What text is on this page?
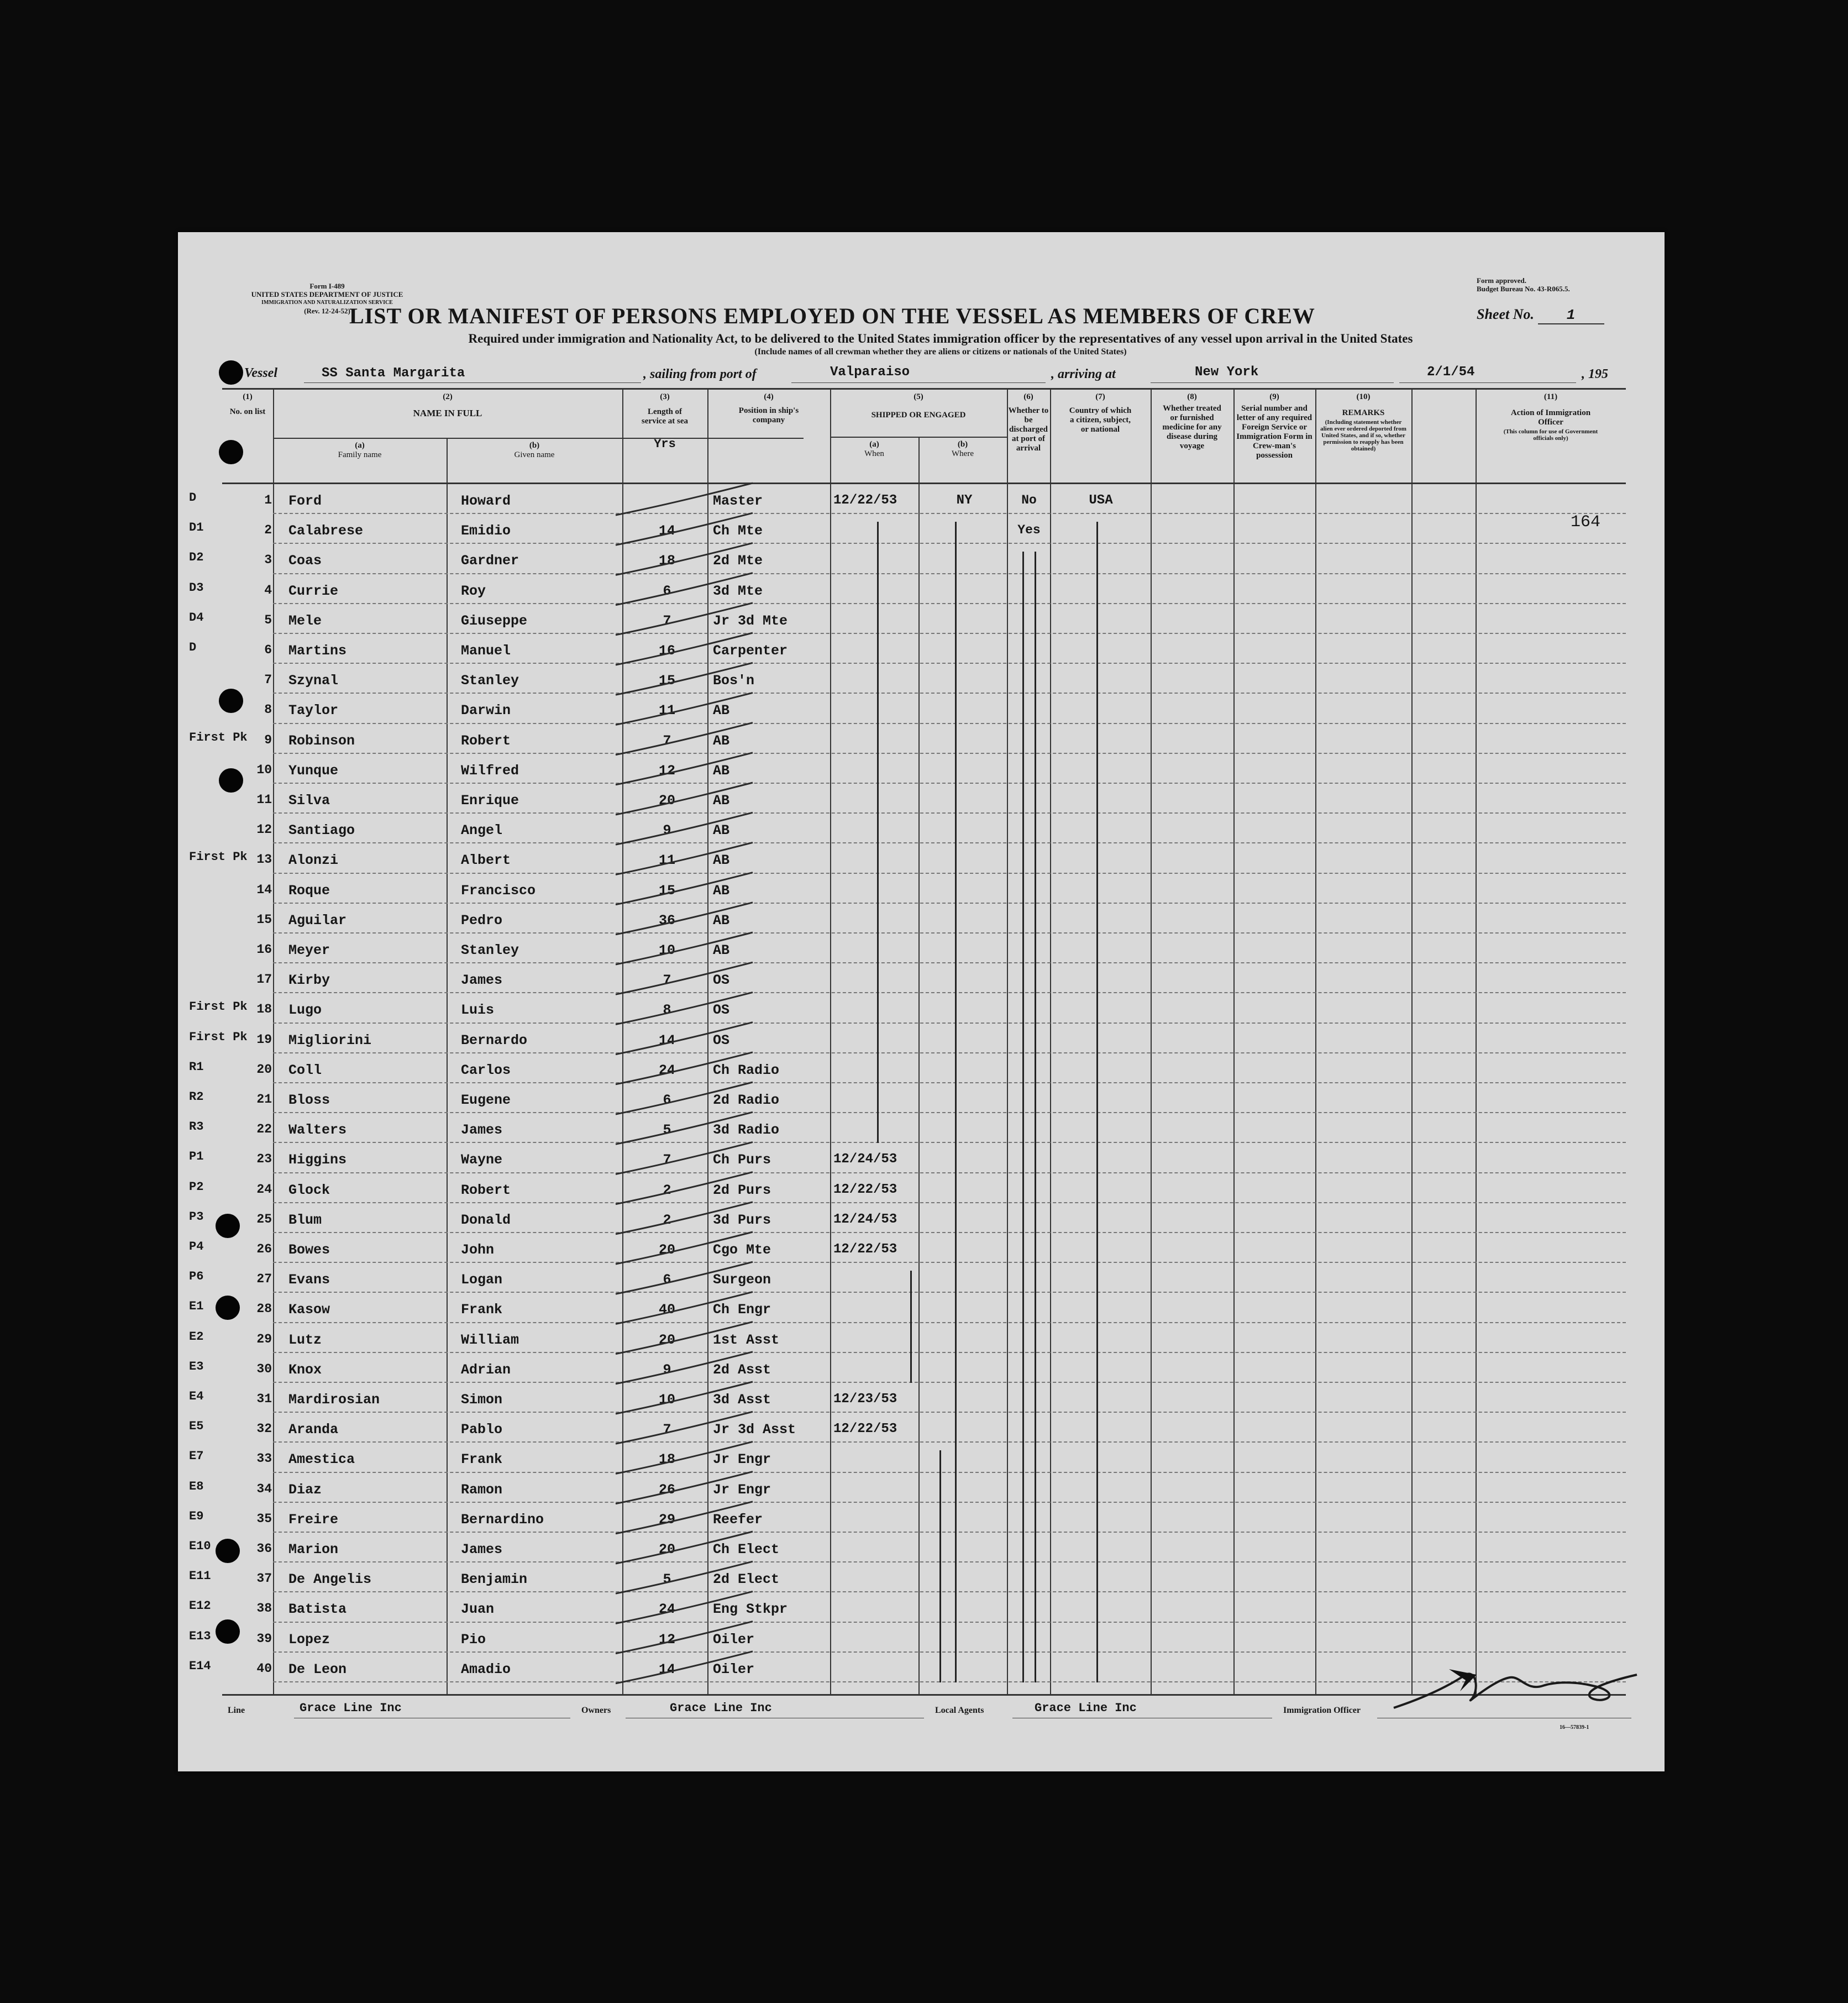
Form I-489
UNITED STATES DEPARTMENT OF JUSTICE
IMMIGRATION AND NATURALIZATION SERVICE
(Rev. 12-24-52)
Form approved.
Budget Bureau No. 43-R065.5.
LIST OR MANIFEST OF PERSONS EMPLOYED ON THE VESSEL AS MEMBERS OF CREW	Sheet No. 1
Required under immigration and Nationality Act, to be delivered to the United States immigration officer by the representatives of any vessel upon arrival in the United States
(Include names of all crewman whether they are aliens or citizens or nationals of the United States)
Vessel	SS Santa Margarita	, sailing from port of	Valparaiso	, arriving at	New York	2/1/54	, 195
(1)
No. on list
(2)
NAME IN FULL
(a)
Family name
(b)
Given name
(3)
Length of service at sea
Yrs
(4)
Position in ship's company
(5)
SHIPPED OR ENGAGED
(a)
When
(b)
Where
(6)
Whether to be discharged at port of arrival
(7)
Country of which a citizen, subject, or national
(8)
Whether treated or furnished medicine for any disease during voyage
(9)
Serial number and letter of any required Foreign Service or Immigration Form in Crew-man's possession
(10)
REMARKS
(Including statement whether alien ever ordered deported from United States, and if so, whether permission to reapply has been obtained)
(11)
Action of Immigration Officer
(This column for use of Government officials only)
164
D	1 Ford	Howard	Master	12/22/53	NY	No	USA
D1	2 Calabrese	Emidio	14	Ch Mte	Yes
D2	3 Coas	Gardner	18	2d Mte
D3	4 Currie	Roy	6	3d Mte
D4	5 Mele	Giuseppe	7	Jr 3d Mte
D	6 Martins	Manuel	16	Carpenter
7 Szynal	Stanley	15	Bos'n
8 Taylor	Darwin	11	AB
First Pk	9 Robinson	Robert	7	AB
10 Yunque	Wilfred	12	AB
11 Silva	Enrique	20	AB
12 Santiago	Angel	9	AB
First Pk 13 Alonzi	Albert	11	AB
14 Roque	Francisco	15	AB
15 Aguilar	Pedro	36	AB
16 Meyer	Stanley	10	AB
17 Kirby	James	7	OS
First Pk 18 Lugo	Luis	8	OS
First Pk 19 Migliorini	Bernardo	14	OS
R1	20 Coll	Carlos	24	Ch Radio
R2	21 Bloss	Eugene	6	2d Radio
R3	22 Walters	James	5	3d Radio
P1	23 Higgins	Wayne	7	Ch Purs	12/24/53
P2	24 Glock	Robert	2	2d Purs	12/22/53
P3	25 Blum	Donald	2	3d Purs	12/24/53
P4	26 Bowes	John	20	Cgo Mte	12/22/53
P6	27 Evans	Logan	6	Surgeon
E1	28 Kasow	Frank	40	Ch Engr
E2	29 Lutz	William	20	1st Asst
E3	30 Knox	Adrian	9	2d Asst
E4	31 Mardirosian	Simon	10	3d Asst	12/23/53
E5	32 Aranda	Pablo	7	Jr 3d Asst	12/22/53
E7	33 Amestica	Frank	18	Jr Engr
E8	34 Diaz	Ramon	26	Jr Engr
E9	35 Freire	Bernardino	29	Reefer
E10	36 Marion	James	20	Ch Elect
E11	37 De Angelis	Benjamin	5	2d Elect
E12	38 Batista	Juan	24	Eng Stkpr
E13	39 Lopez	Pio	12	Oiler
E14	40 De Leon	Amadio	14	Oiler
Line	Grace Line Inc	Owners	Grace Line Inc	Local Agents	Grace Line Inc	Immigration Officer
16—57839-1
